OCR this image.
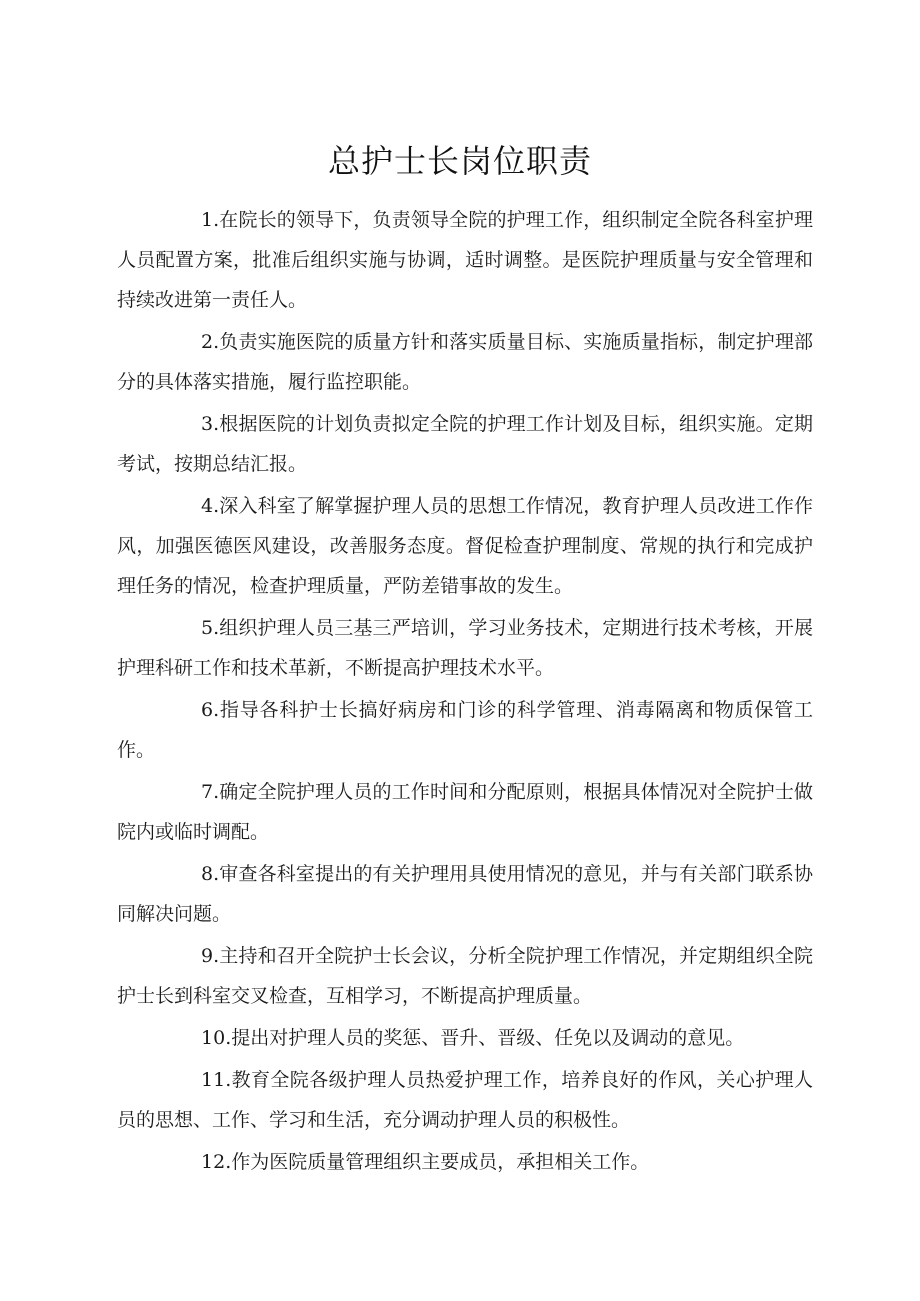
总护士长岗位职责

1.在院长的领导下，负责领导全院的护理工作，组织制定全院各科室护理人员配置方案，批准后组织实施与协调，适时调整。是医院护理质量与安全管理和持续改进第一责任人。

2.负责实施医院的质量方针和落实质量目标、实施质量指标，制定护理部分的具体落实措施，履行监控职能。

3.根据医院的计划负责拟定全院的护理工作计划及目标，组织实施。定期考试，按期总结汇报。

4.深入科室了解掌握护理人员的思想工作情况，教育护理人员改进工作作风，加强医德医风建设，改善服务态度。督促检查护理制度、常规的执行和完成护理任务的情况，检查护理质量，严防差错事故的发生。

5.组织护理人员三基三严培训，学习业务技术，定期进行技术考核，开展护理科研工作和技术革新，不断提高护理技术水平。

6.指导各科护士长搞好病房和门诊的科学管理、消毒隔离和物质保管工作。

7.确定全院护理人员的工作时间和分配原则，根据具体情况对全院护士做院内或临时调配。

8.审查各科室提出的有关护理用具使用情况的意见，并与有关部门联系协同解决问题。

9.主持和召开全院护士长会议，分析全院护理工作情况，并定期组织全院护士长到科室交叉检查，互相学习，不断提高护理质量。

10.提出对护理人员的奖惩、晋升、晋级、任免以及调动的意见。

11.教育全院各级护理人员热爱护理工作，培养良好的作风，关心护理人员的思想、工作、学习和生活，充分调动护理人员的积极性。

12.作为医院质量管理组织主要成员，承担相关工作。
